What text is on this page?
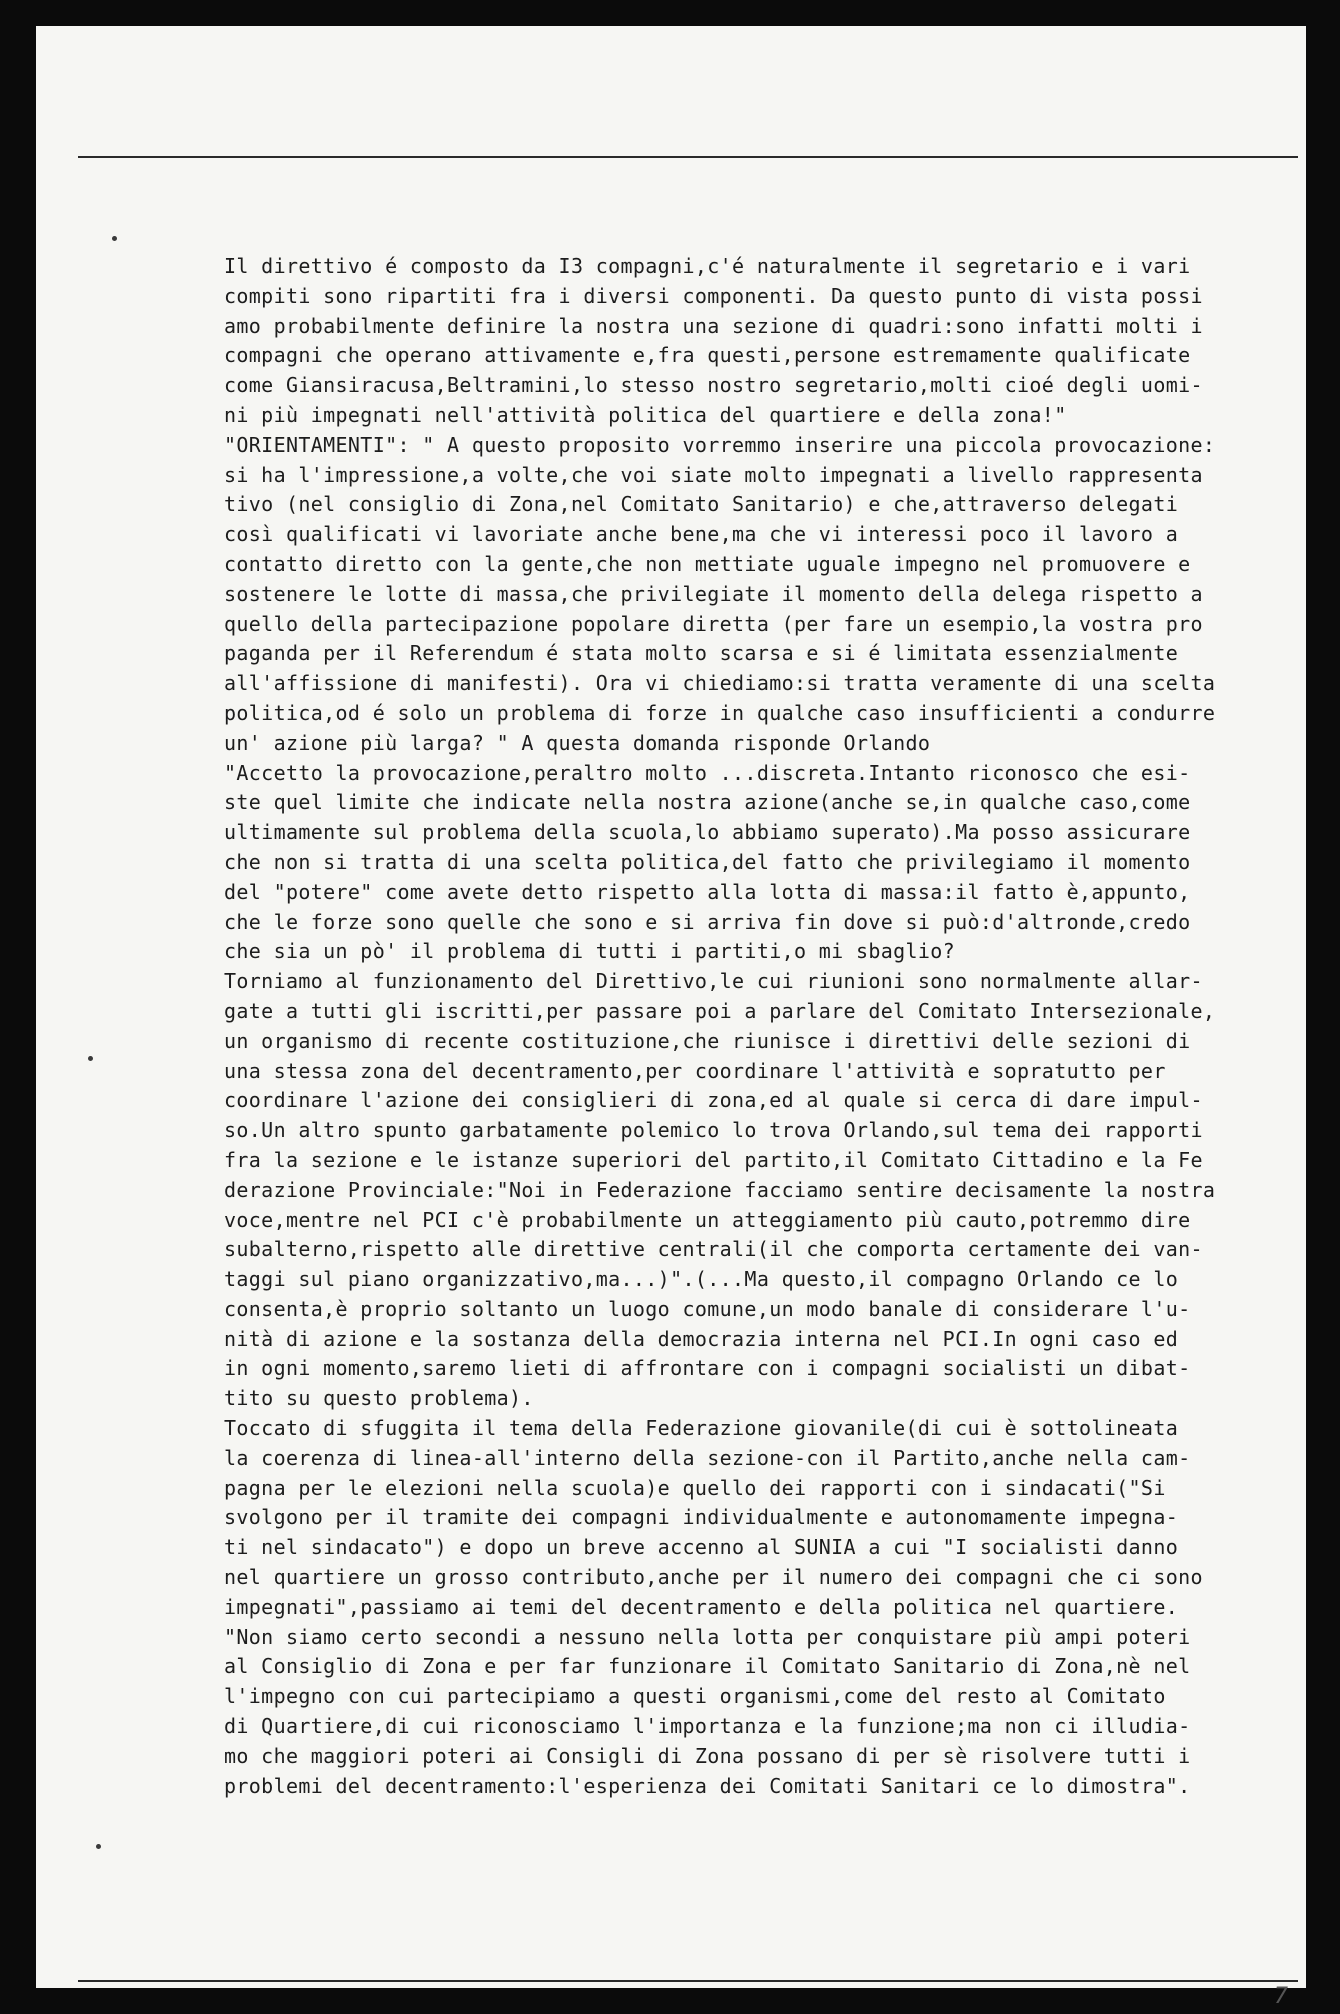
Il direttivo é composto da I3 compagni,c'é naturalmente il segretario e i vari
compiti sono ripartiti fra i diversi componenti. Da questo punto di vista possi
amo probabilmente definire la nostra una sezione di quadri:sono infatti molti i
compagni che operano attivamente e,fra questi,persone estremamente qualificate
come Giansiracusa,Beltramini,lo stesso nostro segretario,molti cioé degli uomi-
ni più impegnati nell'attività politica del quartiere e della zona!"
"ORIENTAMENTI": " A questo proposito vorremmo inserire una piccola provocazione:
si ha l'impressione,a volte,che voi siate molto impegnati a livello rappresenta
tivo (nel consiglio di Zona,nel Comitato Sanitario) e che,attraverso delegati
così qualificati vi lavoriate anche bene,ma che vi interessi poco il lavoro a
contatto diretto con la gente,che non mettiate uguale impegno nel promuovere e
sostenere le lotte di massa,che privilegiate il momento della delega rispetto a
quello della partecipazione popolare diretta (per fare un esempio,la vostra pro
paganda per il Referendum é stata molto scarsa e si é limitata essenzialmente
all'affissione di manifesti). Ora vi chiediamo:si tratta veramente di una scelta
politica,od é solo un problema di forze in qualche caso insufficienti a condurre
un' azione più larga? " A questa domanda risponde Orlando
"Accetto la provocazione,peraltro molto ...discreta.Intanto riconosco che esi-
ste quel limite che indicate nella nostra azione(anche se,in qualche caso,come
ultimamente sul problema della scuola,lo abbiamo superato).Ma posso assicurare
che non si tratta di una scelta politica,del fatto che privilegiamo il momento
del "potere" come avete detto rispetto alla lotta di massa:il fatto è,appunto,
che le forze sono quelle che sono e si arriva fin dove si può:d'altronde,credo
che sia un pò' il problema di tutti i partiti,o mi sbaglio?
Torniamo al funzionamento del Direttivo,le cui riunioni sono normalmente allar-
gate a tutti gli iscritti,per passare poi a parlare del Comitato Intersezionale,
un organismo di recente costituzione,che riunisce i direttivi delle sezioni di
una stessa zona del decentramento,per coordinare l'attività e sopratutto per
coordinare l'azione dei consiglieri di zona,ed al quale si cerca di dare impul-
so.Un altro spunto garbatamente polemico lo trova Orlando,sul tema dei rapporti
fra la sezione e le istanze superiori del partito,il Comitato Cittadino e la Fe
derazione Provinciale:"Noi in Federazione facciamo sentire decisamente la nostra
voce,mentre nel PCI c'è probabilmente un atteggiamento più cauto,potremmo dire
subalterno,rispetto alle direttive centrali(il che comporta certamente dei van-
taggi sul piano organizzativo,ma...)".(...Ma questo,il compagno Orlando ce lo
consenta,è proprio soltanto un luogo comune,un modo banale di considerare l'u-
nità di azione e la sostanza della democrazia interna nel PCI.In ogni caso ed
in ogni momento,saremo lieti di affrontare con i compagni socialisti un dibat-
tito su questo problema).
Toccato di sfuggita il tema della Federazione giovanile(di cui è sottolineata
la coerenza di linea-all'interno della sezione-con il Partito,anche nella cam-
pagna per le elezioni nella scuola)e quello dei rapporti con i sindacati("Si
svolgono per il tramite dei compagni individualmente e autonomamente impegna-
ti nel sindacato") e dopo un breve accenno al SUNIA a cui "I socialisti danno
nel quartiere un grosso contributo,anche per il numero dei compagni che ci sono
impegnati",passiamo ai temi del decentramento e della politica nel quartiere.
"Non siamo certo secondi a nessuno nella lotta per conquistare più ampi poteri
al Consiglio di Zona e per far funzionare il Comitato Sanitario di Zona,nè nel
l'impegno con cui partecipiamo a questi organismi,come del resto al Comitato
di Quartiere,di cui riconosciamo l'importanza e la funzione;ma non ci illudia-
mo che maggiori poteri ai Consigli di Zona possano di per sè risolvere tutti i
problemi del decentramento:l'esperienza dei Comitati Sanitari ce lo dimostra".
7
